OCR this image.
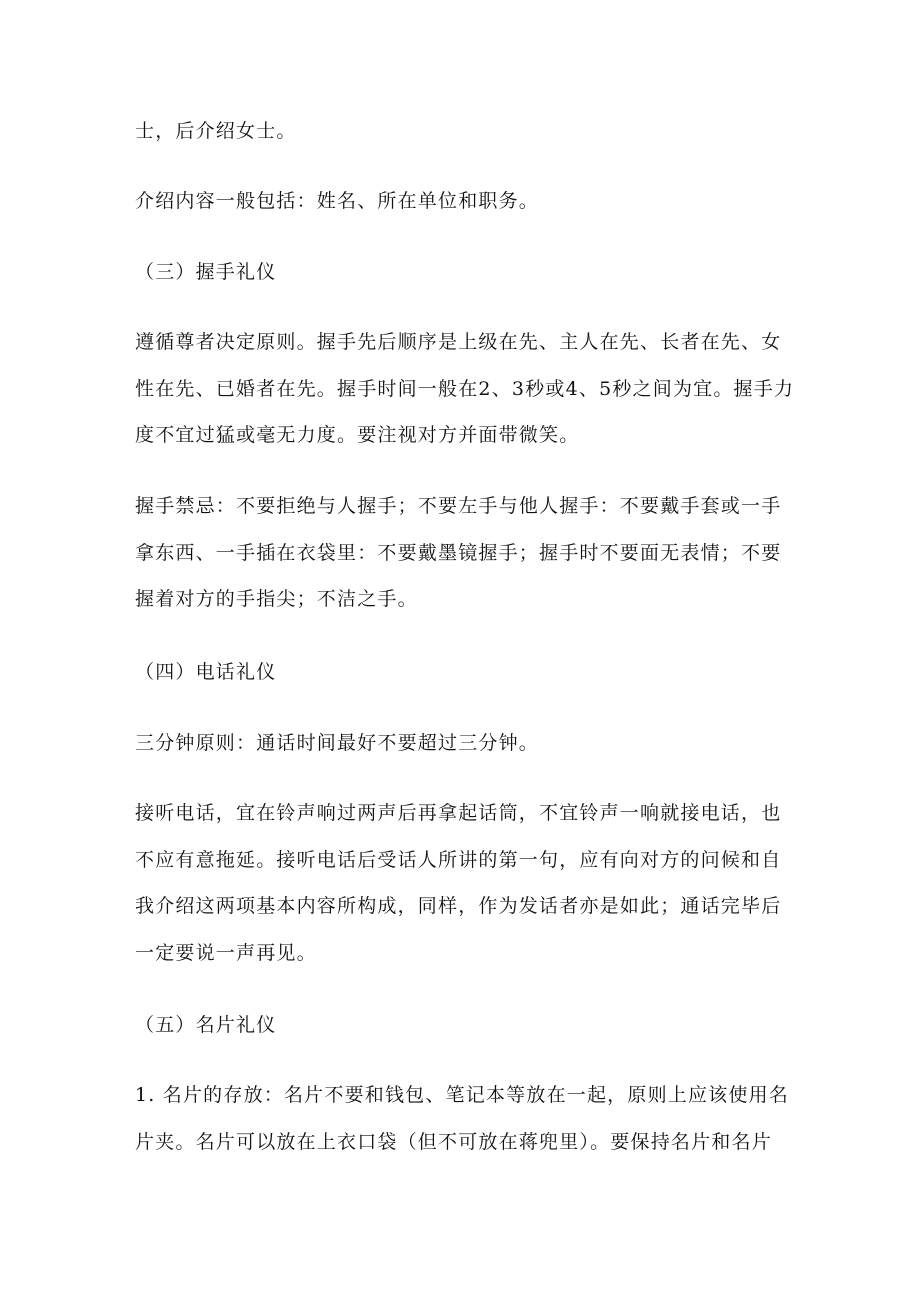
士，后介绍女士。

介绍内容一般包括：姓名、所在单位和职务。

（三）握手礼仪

遵循尊者决定原则。握手先后顺序是上级在先、主人在先、长者在先、女
性在先、已婚者在先。握手时间一般在2、3秒或4、5秒之间为宜。握手力
度不宜过猛或毫无力度。要注视对方并面带微笑。

握手禁忌：不要拒绝与人握手；不要左手与他人握手：不要戴手套或一手
拿东西、一手插在衣袋里：不要戴墨镜握手；握手时不要面无表情；不要
握着对方的手指尖；不洁之手。

（四）电话礼仪

三分钟原则：通话时间最好不要超过三分钟。

接听电话，宜在铃声响过两声后再拿起话筒，不宜铃声一响就接电话，也
不应有意拖延。接听电话后受话人所讲的第一句，应有向对方的问候和自
我介绍这两项基本内容所构成，同样，作为发话者亦是如此；通话完毕后
一定要说一声再见。

（五）名片礼仪

1. 名片的存放：名片不要和钱包、笔记本等放在一起，原则上应该使用名
片夹。名片可以放在上衣口袋（但不可放在蒋兜里）。要保持名片和名片
